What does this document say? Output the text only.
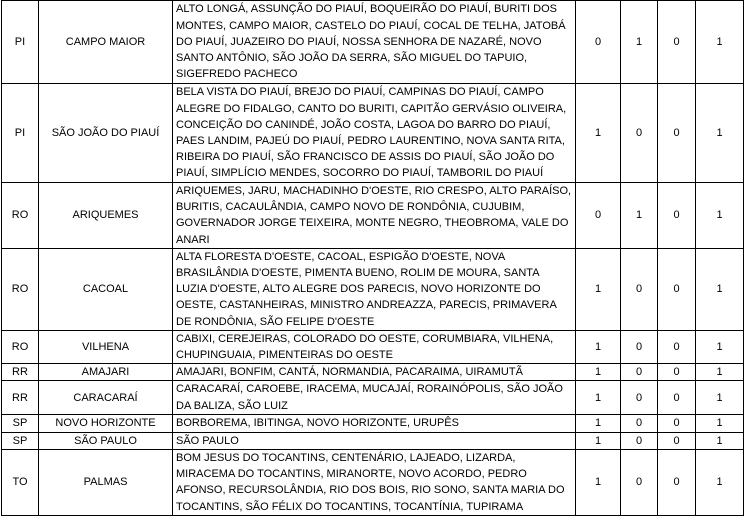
PI	CAMPO MAIOR	ALTO LONGÁ, ASSUNÇÃO DO PIAUÍ, BOQUEIRÃO DO PIAUÍ, BURITI DOS MONTES, CAMPO MAIOR, CASTELO DO PIAUÍ, COCAL DE TELHA, JATOBÁ DO PIAUÍ, JUAZEIRO DO PIAUÍ, NOSSA SENHORA DE NAZARÉ, NOVO SANTO ANTÔNIO, SÃO JOÃO DA SERRA, SÃO MIGUEL DO TAPUIO, SIGEFREDO PACHECO	0	1	0	1
PI	SÃO JOÃO DO PIAUÍ	BELA VISTA DO PIAUÍ, BREJO DO PIAUÍ, CAMPINAS DO PIAUÍ, CAMPO ALEGRE DO FIDALGO, CANTO DO BURITI, CAPITÃO GERVÁSIO OLIVEIRA, CONCEIÇÃO DO CANINDÉ, JOÃO COSTA, LAGOA DO BARRO DO PIAUÍ, PAES LANDIM, PAJEÚ DO PIAUÍ, PEDRO LAURENTINO, NOVA SANTA RITA, RIBEIRA DO PIAUÍ, SÃO FRANCISCO DE ASSIS DO PIAUÍ, SÃO JOÃO DO PIAUÍ, SIMPLÍCIO MENDES, SOCORRO DO PIAUÍ, TAMBORIL DO PIAUÍ	1	0	0	1
RO	ARIQUEMES	ARIQUEMES, JARU, MACHADINHO D'OESTE, RIO CRESPO, ALTO PARAÍSO, BURITIS, CACAULÂNDIA, CAMPO NOVO DE RONDÔNIA, CUJUBIM, GOVERNADOR JORGE TEIXEIRA, MONTE NEGRO, THEOBROMA, VALE DO ANARI	0	1	0	1
RO	CACOAL	ALTA FLORESTA D'OESTE, CACOAL, ESPIGÃO D'OESTE, NOVA BRASILÂNDIA D'OESTE, PIMENTA BUENO, ROLIM DE MOURA, SANTA LUZIA D'OESTE, ALTO ALEGRE DOS PARECIS, NOVO HORIZONTE DO OESTE, CASTANHEIRAS, MINISTRO ANDREAZZA, PARECIS, PRIMAVERA DE RONDÔNIA, SÃO FELIPE D'OESTE	1	0	0	1
RO	VILHENA	CABIXI, CEREJEIRAS, COLORADO DO OESTE, CORUMBIARA, VILHENA, CHUPINGUAIA, PIMENTEIRAS DO OESTE	1	0	0	1
RR	AMAJARI	AMAJARI, BONFIM, CANTÁ, NORMANDIA, PACARAIMA, UIRAMUTÃ	1	0	0	1
RR	CARACARAÍ	CARACARAÍ, CAROEBE, IRACEMA, MUCAJAÍ, RORAINÓPOLIS, SÃO JOÃO DA BALIZA, SÃO LUIZ	1	0	0	1
SP	NOVO HORIZONTE	BORBOREMA, IBITINGA, NOVO HORIZONTE, URUPÊS	1	0	0	1
SP	SÃO PAULO	SÃO PAULO	1	0	0	1
TO	PALMAS	BOM JESUS DO TOCANTINS, CENTENÁRIO, LAJEADO, LIZARDA, MIRACEMA DO TOCANTINS, MIRANORTE, NOVO ACORDO, PEDRO AFONSO, RECURSOLÂNDIA, RIO DOS BOIS, RIO SONO, SANTA MARIA DO TOCANTINS, SÃO FÉLIX DO TOCANTINS, TOCANTÍNIA, TUPIRAMA	1	0	0	1
